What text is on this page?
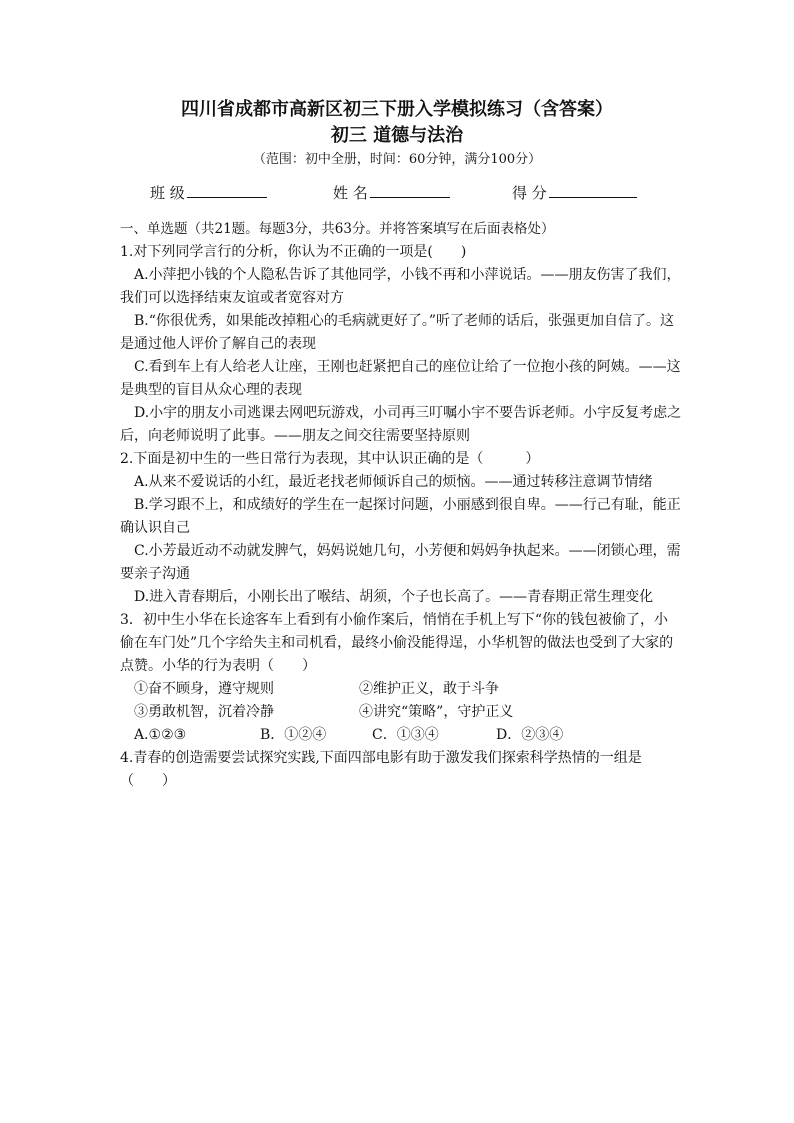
四川省成都市高新区初三下册入学模拟练习（含答案）
初三 道德与法治
（范围：初中全册，时间：60分钟，满分100分）
班 级	姓 名	得 分

一、单选题（共21题。每题3分，共63分。并将答案填写在后面表格处）

1.对下列同学言行的分析，你认为不正确的一项是(　　)

A.小萍把小钱的个人隐私告诉了其他同学，小钱不再和小萍说话。——朋友伤害了我们，我们可以选择结束友谊或者宽容对方

B.“你很优秀，如果能改掉粗心的毛病就更好了。”听了老师的话后，张强更加自信了。这是通过他人评价了解自己的表现

C.看到车上有人给老人让座，王刚也赶紧把自己的座位让给了一位抱小孩的阿姨。——这是典型的盲目从众心理的表现

D.小宇的朋友小司逃课去网吧玩游戏，小司再三叮嘱小宇不要告诉老师。小宇反复考虑之后，向老师说明了此事。——朋友之间交往需要坚持原则

2.下面是初中生的一些日常行为表现，其中认识正确的是（　　　）

A.从来不爱说话的小红，最近老找老师倾诉自己的烦恼。——通过转移注意调节情绪

B.学习跟不上，和成绩好的学生在一起探讨问题，小丽感到很自卑。——行己有耻，能正确认识自己

C.小芳最近动不动就发脾气，妈妈说她几句，小芳便和妈妈争执起来。——闭锁心理，需要亲子沟通

D.进入青春期后，小刚长出了喉结、胡须，个子也长高了。——青春期正常生理变化

3．初中生小华在长途客车上看到有小偷作案后，悄悄在手机上写下“你的钱包被偷了，小偷在车门处”几个字给失主和司机看，最终小偷没能得逞，小华机智的做法也受到了大家的点赞。小华的行为表明（　　）

①奋不顾身，遵守规则	②维护正义，敢于斗争
③勇敢机智，沉着冷静	④讲究“策略”，守护正义
A.①②③	B．①②④	C．①③④	D．②③④

4.青春的创造需要尝试探究实践,下面四部电影有助于激发我们探索科学热情的一组是（　　）
